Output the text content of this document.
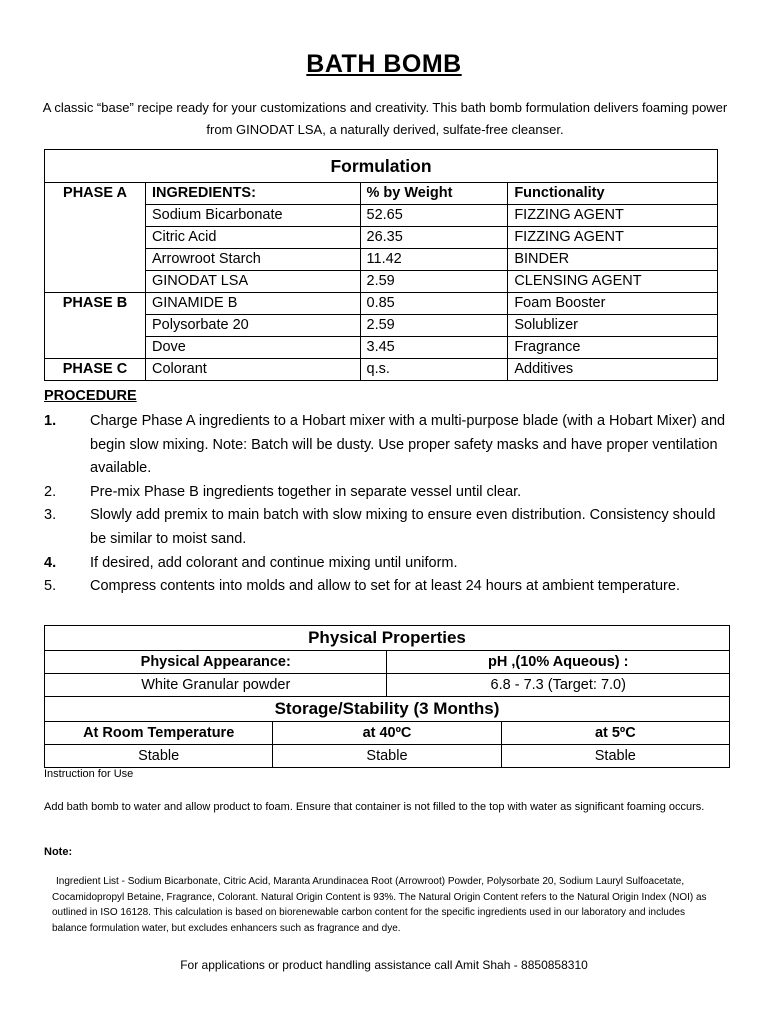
BATH BOMB
A classic “base” recipe ready for your customizations and creativity. This bath bomb formulation delivers foaming power from GINODAT LSA, a naturally derived, sulfate-free cleanser.
Formulation			
PHASE A	INGREDIENTS:	% by Weight	Functionality
	Sodium Bicarbonate	52.65	FIZZING AGENT
	Citric Acid	26.35	FIZZING AGENT
	Arrowroot Starch	11.42	BINDER
	GINODAT LSA	2.59	CLENSING AGENT
PHASE B	GINAMIDE B	0.85	Foam Booster
	Polysorbate 20	2.59	Solublizer
	Dove	3.45	Fragrance
PHASE C	Colorant	q.s.	Additives
PROCEDURE
1. Charge Phase A ingredients to a Hobart mixer with a multi-purpose blade (with a Hobart Mixer) and begin slow mixing. Note: Batch will be dusty. Use proper safety masks and have proper ventilation available.
2. Pre-mix Phase B ingredients together in separate vessel until clear.
3. Slowly add premix to main batch with slow mixing to ensure even distribution. Consistency should be similar to moist sand.
4. If desired, add colorant and continue mixing until uniform.
5. Compress contents into molds and allow to set for at least 24 hours at ambient temperature.
Physical Properties			
Physical Appearance:		pH ,(10% Aqueous) :	
White Granular powder		6.8 - 7.3 (Target: 7.0)	
Storage/Stability (3 Months)			
At Room Temperature	at 40ºC		at 5ºC
Stable	Stable		Stable
Instruction for Use
Add bath bomb to water and allow product to foam. Ensure that container is not filled to the top with water as significant foaming occurs.
Note:
Ingredient List - Sodium Bicarbonate, Citric Acid, Maranta Arundinacea Root (Arrowroot) Powder, Polysorbate 20, Sodium Lauryl Sulfoacetate, Cocamidopropyl Betaine, Fragrance, Colorant. Natural Origin Content is 93%. The Natural Origin Content refers to the Natural Origin Index (NOI) as outlined in ISO 16128. This calculation is based on biorenewable carbon content for the specific ingredients used in our laboratory and includes balance formulation water, but excludes enhancers such as fragrance and dye.
For applications or product handling assistance call Amit Shah - 8850858310
